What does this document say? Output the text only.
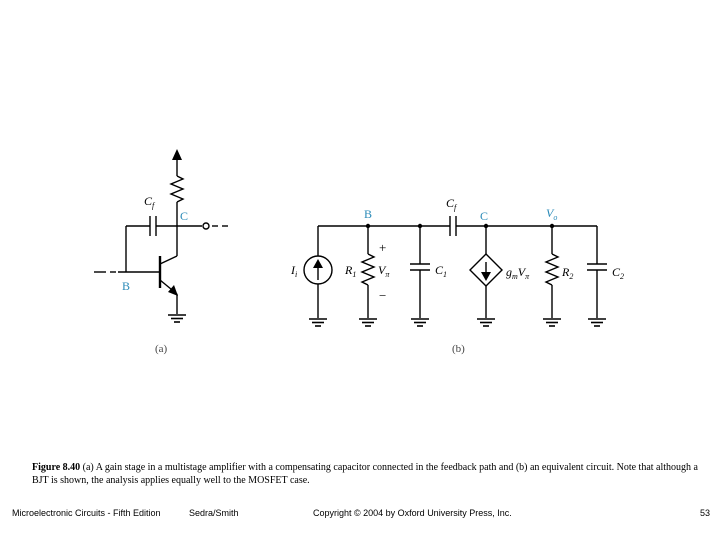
$C_f$
C
B
(a)
B
$C_f$
C	$V_o$
$I_i$	$R_1$
+
$V_\pi$
−
$C_1$	$g_mV_\pi$	$R_2$	$C_2$
(b)
Figure 8.40 (a) A gain stage in a multistage amplifier with a compensating capacitor connected in the feedback path and (b) an equivalent circuit. Note that although a BJT is shown, the analysis applies equally well to the MOSFET case.
Microelectronic Circuits - Fifth Edition	Sedra/Smith	Copyright © 2004 by Oxford University Press, Inc.	53
